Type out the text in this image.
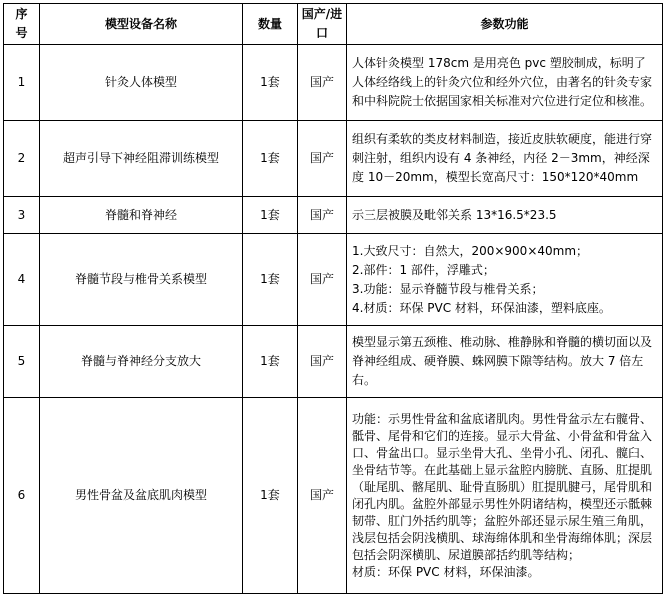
序号	模型设备名称	数量	国产/进口	参数功能
1	针灸人体模型	1套	国产	人体针灸模型 178cm 是用亮色 pvc 塑胶制成，标明了人体经络线上的针灸穴位和经外穴位，由著名的针灸专家和中科院院士依据国家相关标准对穴位进行定位和核准。
2	超声引导下神经阻滞训练模型	1套	国产	组织有柔软的类皮材料制造，接近皮肤软硬度，能进行穿刺注射，组织内设有 4 条神经，内径 2－3mm，神经深度 10－20mm，模型长宽高尺寸：150*120*40mm
3	脊髓和脊神经	1套	国产	示三层被膜及毗邻关系 13*16.5*23.5
4	脊髓节段与椎骨关系模型	1套	国产	1.大致尺寸：自然大，200×900×40mm；
2.部件：1 部件，浮雕式；
3.功能：显示脊髓节段与椎骨关系；
4.材质：环保 PVC 材料，环保油漆，塑料底座。

5	脊髓与脊神经分支放大	1套	国产	模型显示第五颈椎、椎动脉、椎静脉和脊髓的横切面以及脊神经组成、硬脊膜、蛛网膜下隙等结构。放大 7 倍左右。
6	男性骨盆及盆底肌肉模型	1套	国产	功能：示男性骨盆和盆底诸肌肉。男性骨盆示左右髋骨、骶骨、尾骨和它们的连接。显示大骨盆、小骨盆和骨盆入口、骨盆出口。显示坐骨大孔、坐骨小孔、闭孔、髋臼、坐骨结节等。在此基础上显示盆腔内膀胱、直肠、肛提肌（耻尾肌、髂尾肌、耻骨直肠肌）肛提肌腱弓，尾骨肌和闭孔内肌。盆腔外部显示男性外阴诸结构，模型还示骶棘韧带、肛门外括约肌等；盆腔外部还显示尿生殖三角肌，浅层包括会阴浅横肌、球海绵体肌和坐骨海绵体肌；深层包括会阴深横肌、尿道膜部括约肌等结构；
材质：环保 PVC 材料，环保油漆。
